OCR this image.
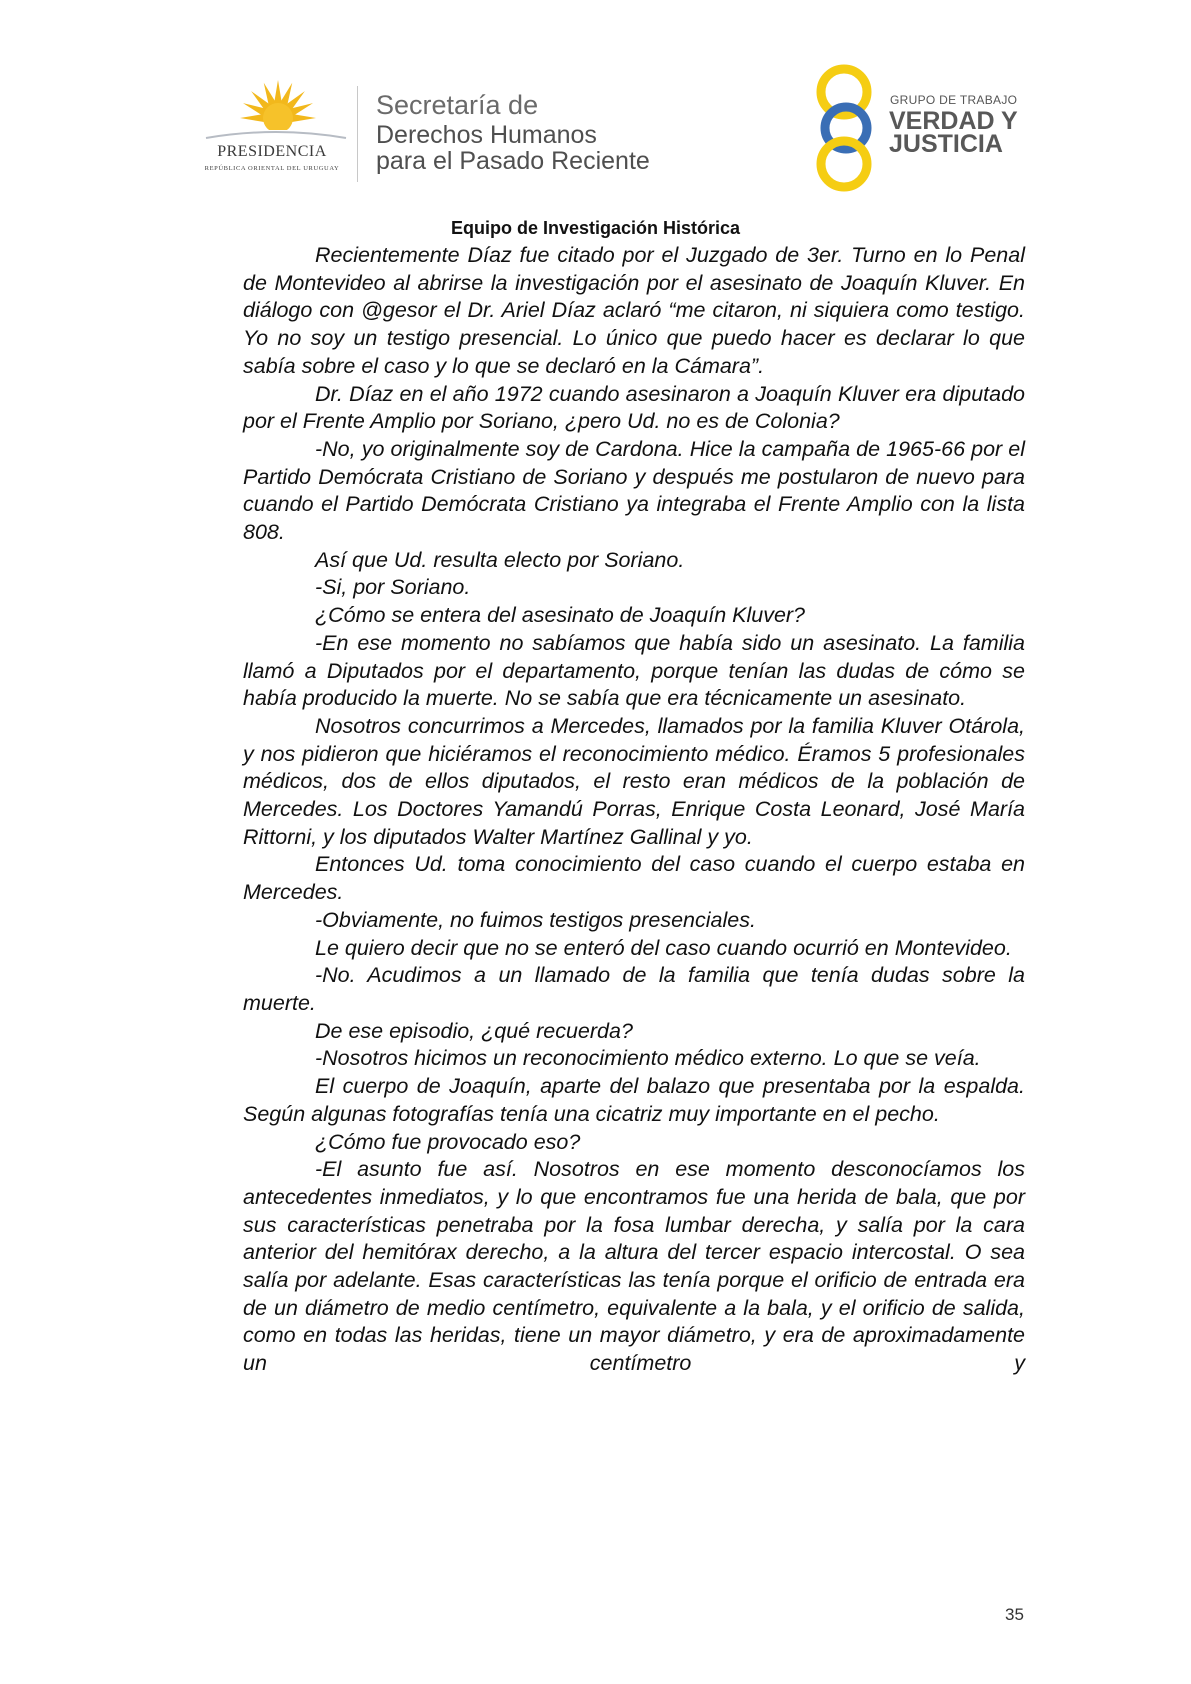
PRESIDENCIA
REPÚBLICA ORIENTAL DEL URUGUAY
Secretaría de
Derechos Humanos
para el Pasado Reciente
GRUPO DE TRABAJO
VERDAD Y
JUSTICIA
Equipo de Investigación Histórica

Recientemente Díaz fue citado por el Juzgado de 3er. Turno en lo Penal de Montevideo al abrirse la investigación por el asesinato de Joaquín Kluver. En diálogo con @gesor el Dr. Ariel Díaz aclaró “me citaron, ni siquiera como testigo. Yo no soy un testigo presencial. Lo único que puedo hacer es declarar lo que sabía sobre el caso y lo que se declaró en la Cámara”.

Dr. Díaz en el año 1972 cuando asesinaron a Joaquín Kluver era diputado por el Frente Amplio por Soriano, ¿pero Ud. no es de Colonia?

-No, yo originalmente soy de Cardona. Hice la campaña de 1965-66 por el Partido Demócrata Cristiano de Soriano y después me postularon de nuevo para cuando el Partido Demócrata Cristiano ya integraba el Frente Amplio con la lista 808.

Así que Ud. resulta electo por Soriano.

-Si, por Soriano.

¿Cómo se entera del asesinato de Joaquín Kluver?

-En ese momento no sabíamos que había sido un asesinato. La familia llamó a Diputados por el departamento, porque tenían las dudas de cómo se había producido la muerte. No se sabía que era técnicamente un asesinato.

Nosotros concurrimos a Mercedes, llamados por la familia Kluver Otárola, y nos pidieron que hiciéramos el reconocimiento médico. Éramos 5 profesionales médicos, dos de ellos diputados, el resto eran médicos de la población de Mercedes. Los Doctores Yamandú Porras, Enrique Costa Leonard, José María Rittorni, y los diputados Walter Martínez Gallinal y yo.

Entonces Ud. toma conocimiento del caso cuando el cuerpo estaba en Mercedes.

-Obviamente, no fuimos testigos presenciales.

Le quiero decir que no se enteró del caso cuando ocurrió en Montevideo.

-No. Acudimos a un llamado de la familia que tenía dudas sobre la muerte.

De ese episodio, ¿qué recuerda?

-Nosotros hicimos un reconocimiento médico externo. Lo que se veía.

El cuerpo de Joaquín, aparte del balazo que presentaba por la espalda. Según algunas fotografías tenía una cicatriz muy importante en el pecho.

¿Cómo fue provocado eso?

-El asunto fue así. Nosotros en ese momento desconocíamos los antecedentes inmediatos, y lo que encontramos fue una herida de bala, que por sus características penetraba por la fosa lumbar derecha, y salía por la cara anterior del hemitórax derecho, a la altura del tercer espacio intercostal. O sea salía por adelante. Esas características las tenía porque el orificio de entrada era de un diámetro de medio centímetro, equivalente a la bala, y el orificio de salida, como en todas las heridas, tiene un mayor diámetro, y era de aproximadamente un centímetro y

35
